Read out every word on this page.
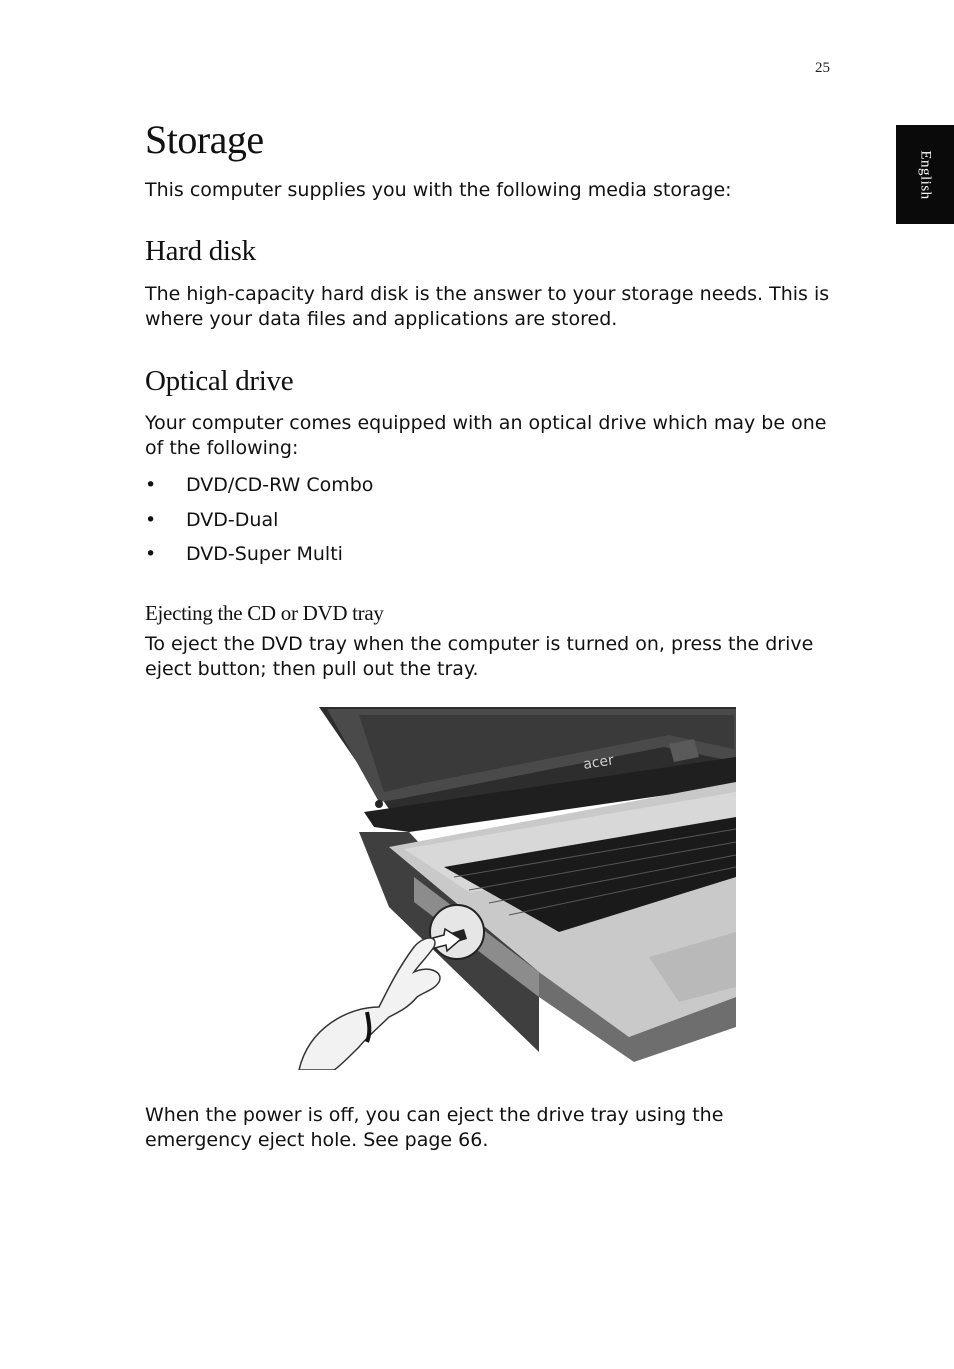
25
English
Storage

This computer supplies you with the following media storage:

Hard disk

The high-capacity hard disk is the answer to your storage needs. This is where your data files and applications are stored.

Optical drive

Your computer comes equipped with an optical drive which may be one of the following:

• DVD/CD-RW Combo
• DVD-Dual
• DVD-Super Multi
Ejecting the CD or DVD tray

To eject the DVD tray when the computer is turned on, press the drive eject button; then pull out the tray.

When the power is off, you can eject the drive tray using the emergency eject hole. See page 66.

acer
